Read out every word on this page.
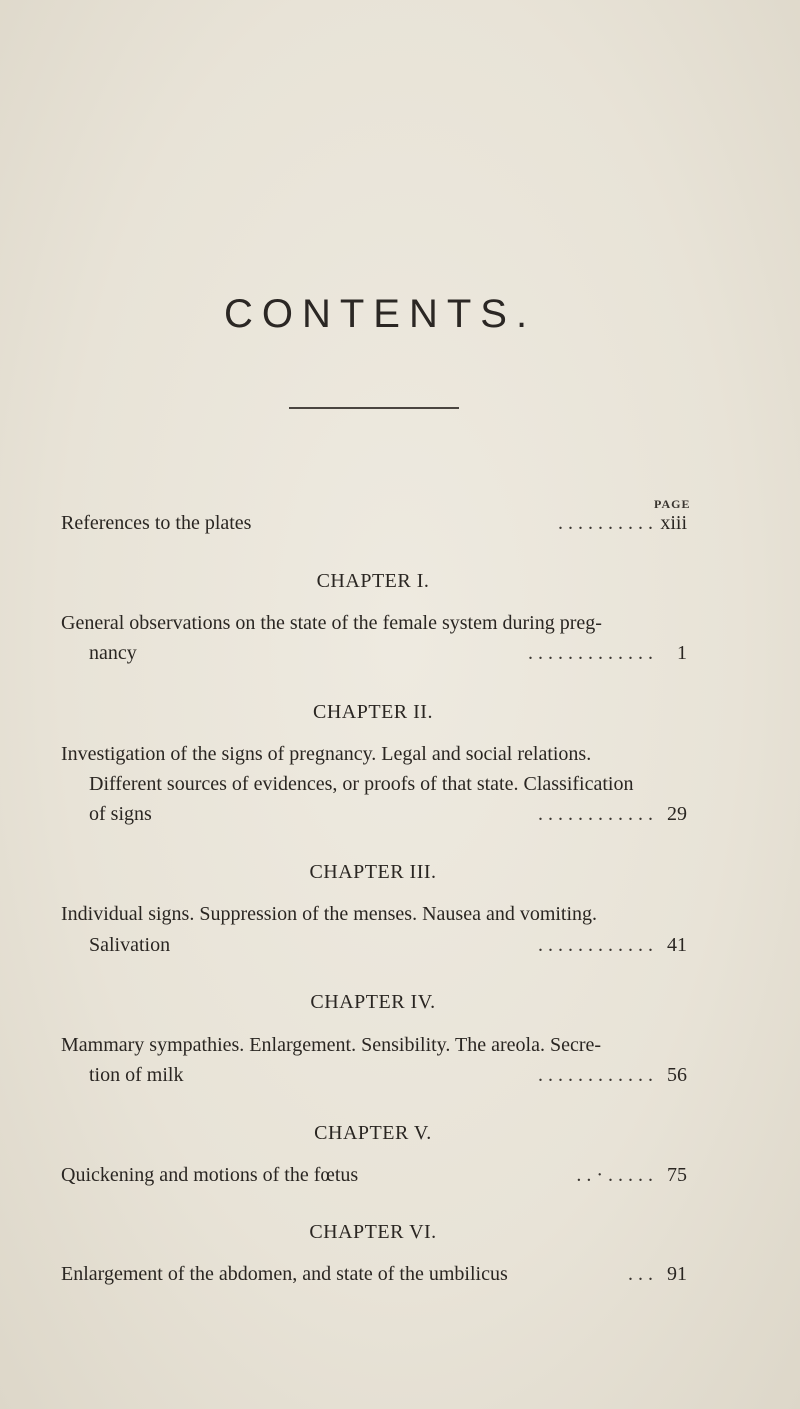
CONTENTS.
PAGE
References to the plates	. . . . . . . . . . xiii
CHAPTER I.
General observations on the state of the female system during preg-
nancy	. . . . . . . . . . . . . 1
CHAPTER II.
Investigation of the signs of pregnancy. Legal and social relations.
Different sources of evidences, or proofs of that state. Classification
of signs	. . . . . . . . . . . . 29
CHAPTER III.
Individual signs. Suppression of the menses. Nausea and vomiting.
Salivation	. . . . . . . . . . . . 41
CHAPTER IV.
Mammary sympathies. Enlargement. Sensibility. The areola. Secre-
tion of milk	. . . . . . . . . . . . 56
CHAPTER V.
Quickening and motions of the fœtus	. . · . . . . . 75
CHAPTER VI.
Enlargement of the abdomen, and state of the umbilicus	. . . 91
